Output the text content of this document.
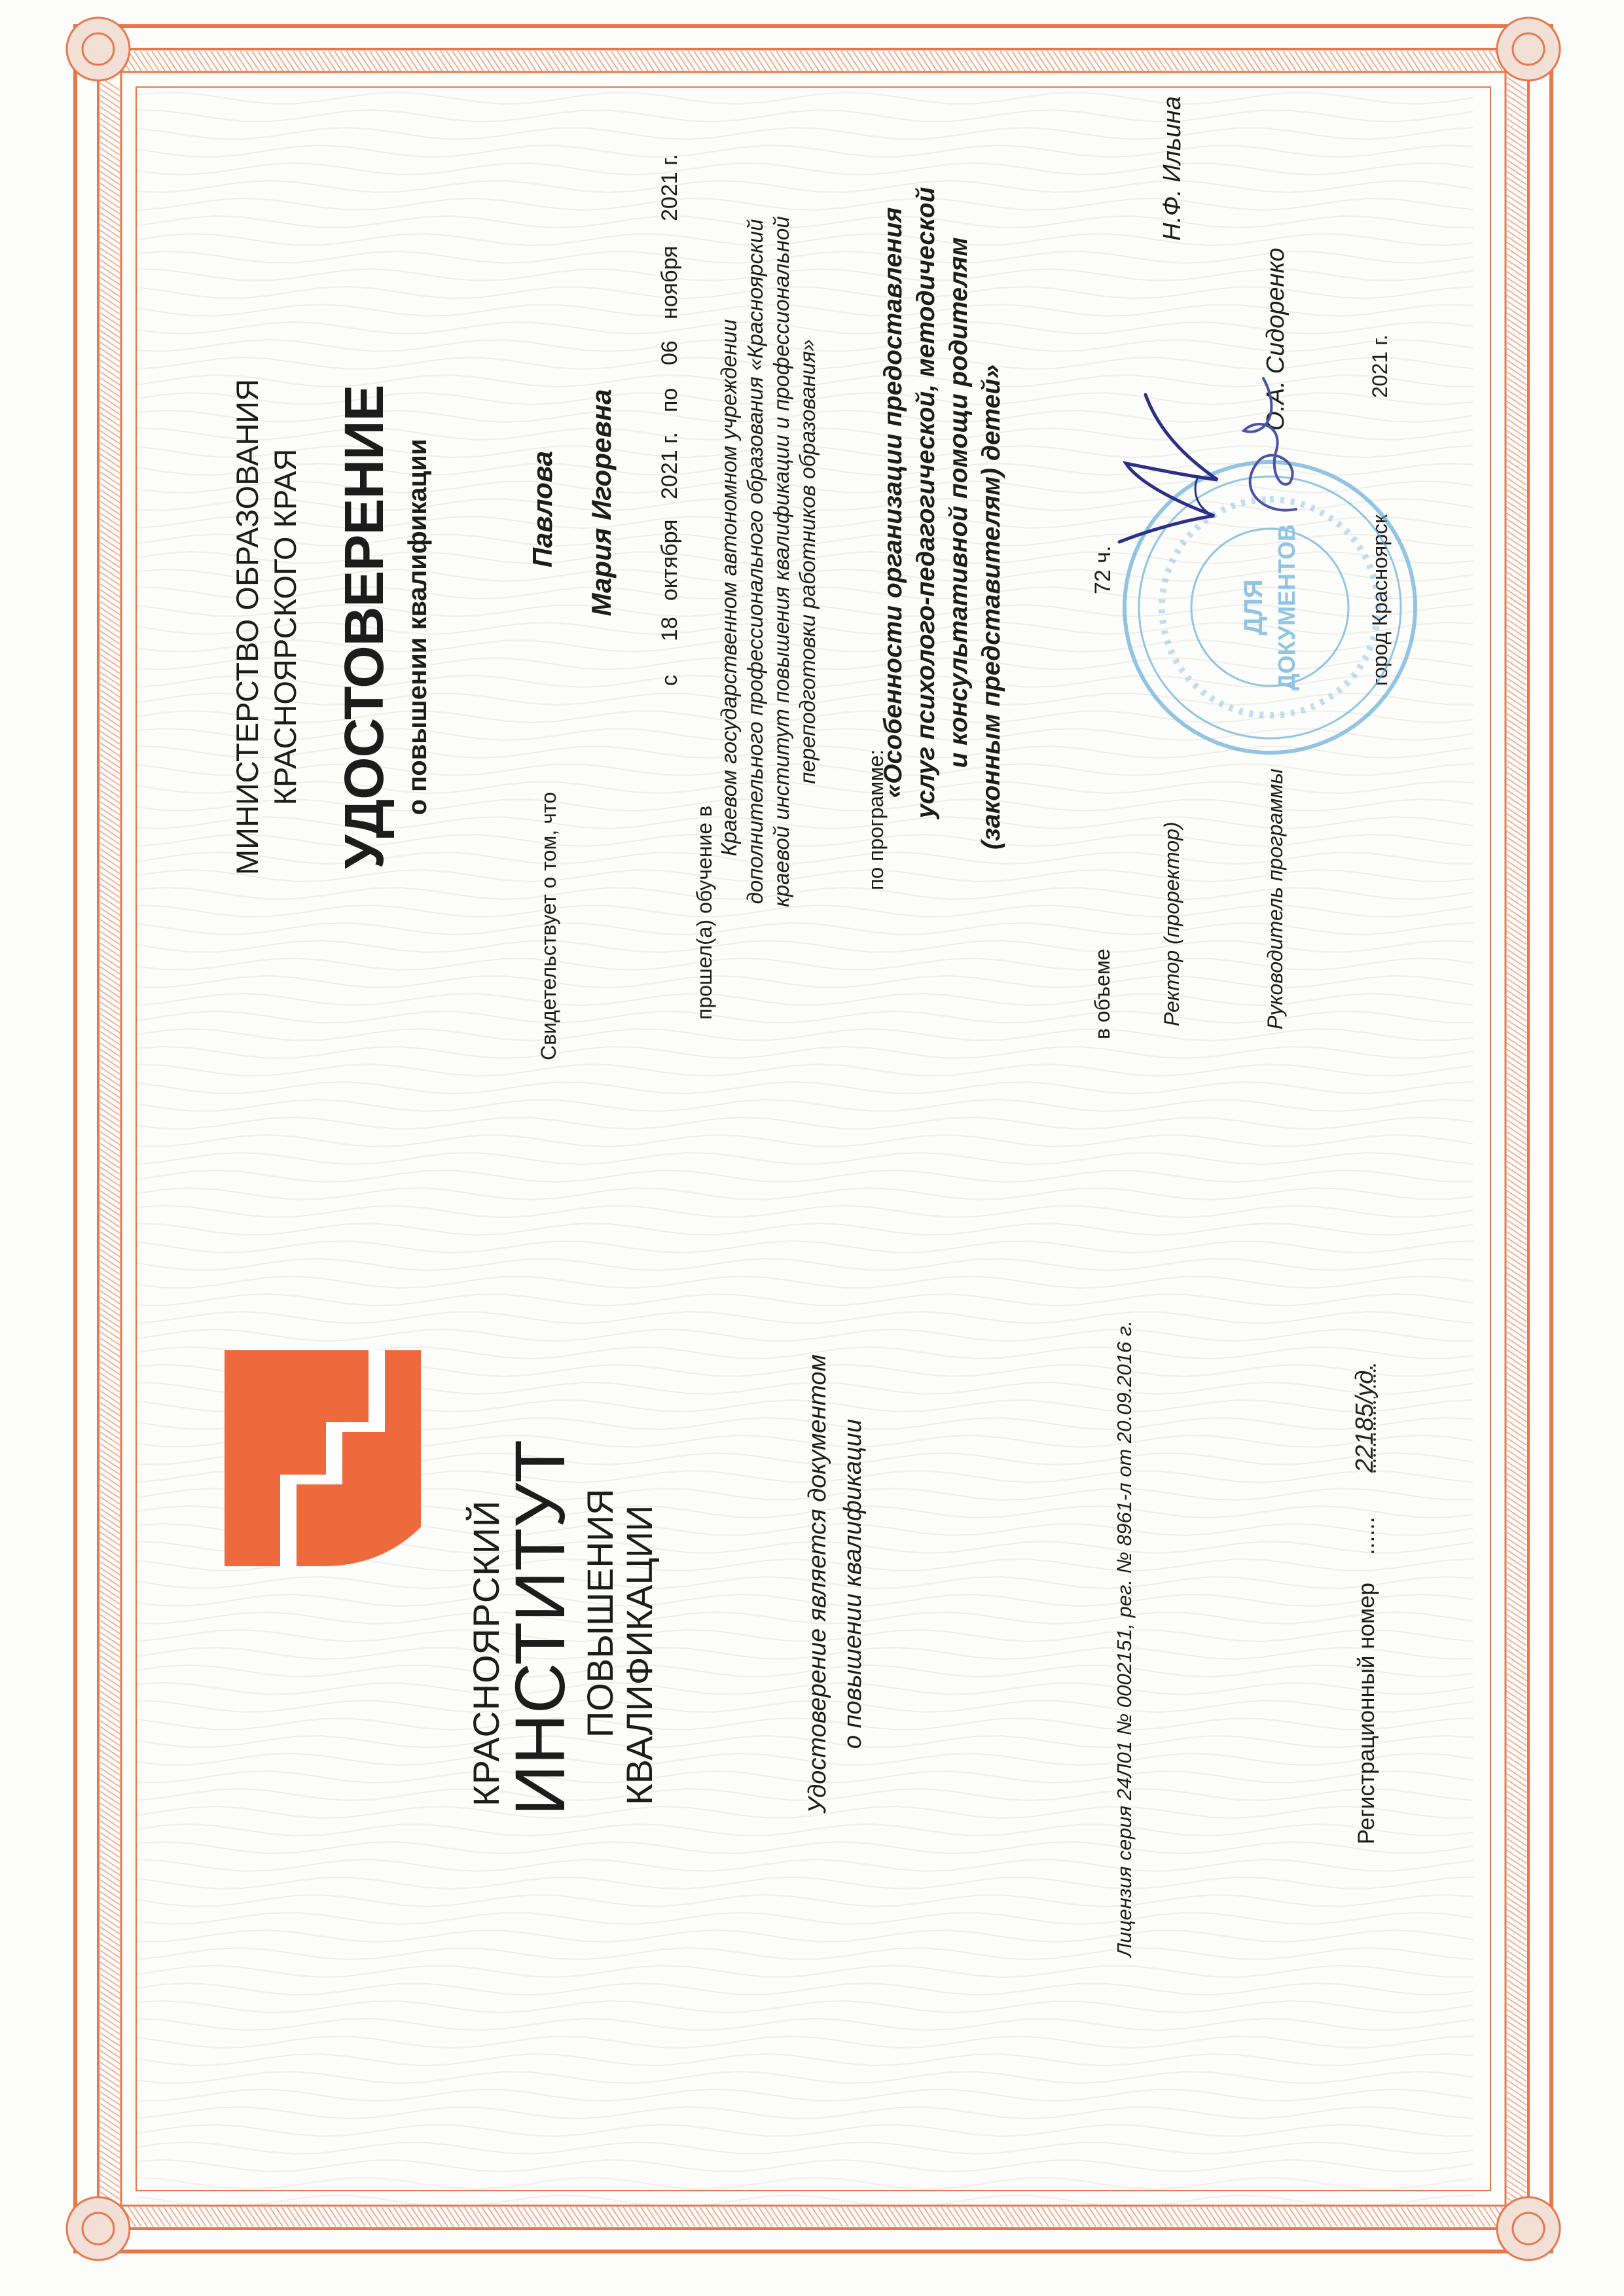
КРАСНОЯРСКИЙ
ИНСТИТУТ ПОВЫШЕНИЯ
КВАЛИФИКАЦИИ	Удостоверение является документом о повышении квалификации	Лицензия серия 24Л01 № 0002151, рег. № 8961-л от 20.09.2016 г.	Регистрационный номер
......
22185/уд.
МИНИСТЕРСТВО ОБРАЗОВАНИЯ КРАСНОЯРСКОГО КРАЯ УДОСТОВЕРЕНИЕ о повышении квалификации
Свидетельствует о том, что
Павлова Мария Игоревна
с
18
октября
2021 г.
по
06
ноября
2021 г.
прошел(а) обучение в
Краевом государственном автономном учреждении дополнительного профессионального образования «Красноярский краевой институт повышения квалификации и профессиональной переподготовки работников образования»
по программе:
«Особенности организации предоставления услуг психолого-педагогической, методической и консультативной помощи родителям (законным представителям) детей»
в объеме
72 ч.
Ректор (проректор)
Н.Ф. Ильина
Руководитель программы
О.А. Сидоренко
город Красноярск
2021 г.
ДЛЯ ДОКУМЕНТОВ
